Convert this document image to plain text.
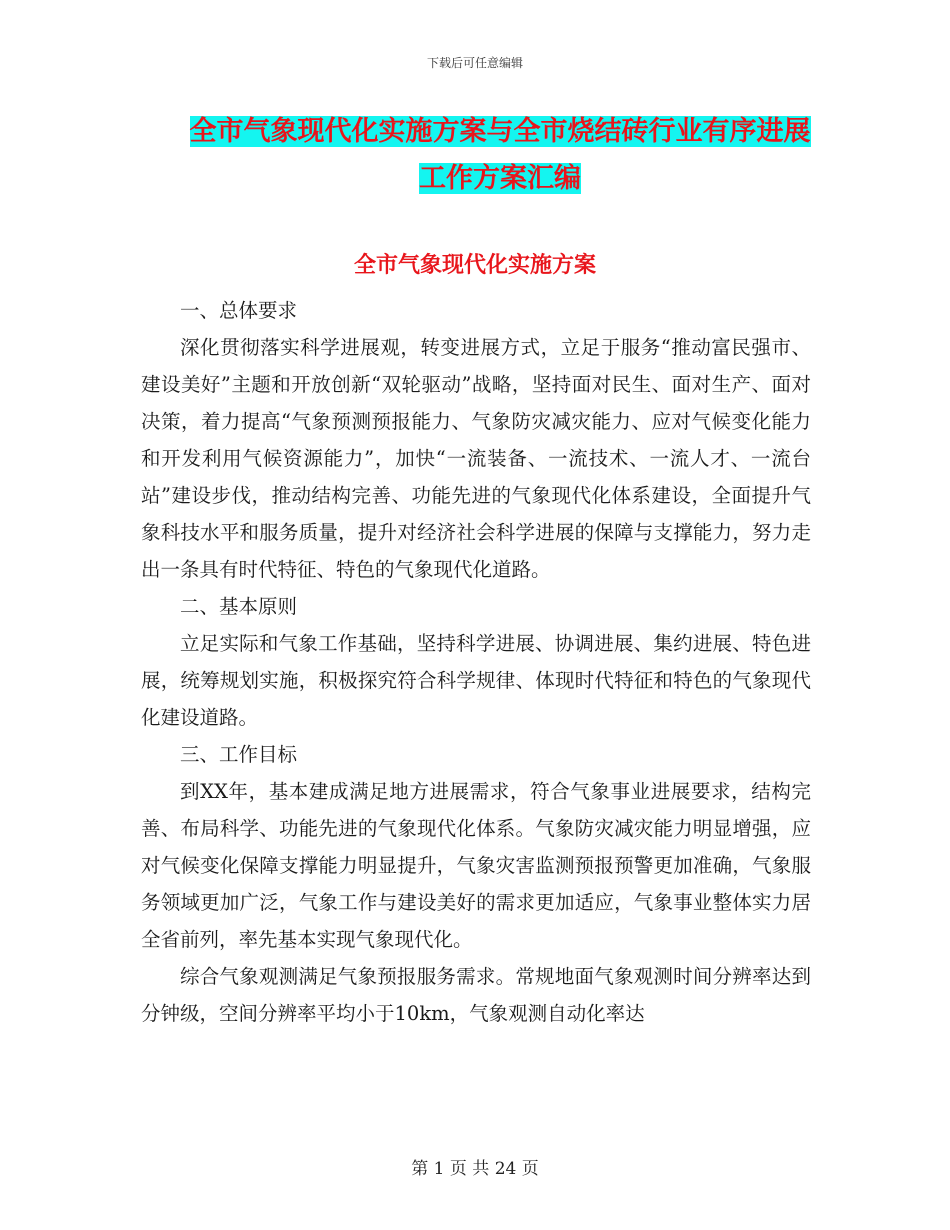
下载后可任意编辑
全市气象现代化实施方案与全市烧结砖行业有序进展
工作方案汇编
全市气象现代化实施方案

一、总体要求

深化贯彻落实科学进展观，转变进展方式，立足于服务“推动富民强市、建设美好”主题和开放创新“双轮驱动”战略，坚持面对民生、面对生产、面对决策，着力提高“气象预测预报能力、气象防灾减灾能力、应对气候变化能力和开发利用气候资源能力”，加快“一流装备、一流技术、一流人才、一流台站”建设步伐，推动结构完善、功能先进的气象现代化体系建设，全面提升气象科技水平和服务质量，提升对经济社会科学进展的保障与支撑能力，努力走出一条具有时代特征、特色的气象现代化道路。

二、基本原则

立足实际和气象工作基础，坚持科学进展、协调进展、集约进展、特色进展，统筹规划实施，积极探究符合科学规律、体现时代特征和特色的气象现代化建设道路。

三、工作目标

到XX年，基本建成满足地方进展需求，符合气象事业进展要求，结构完善、布局科学、功能先进的气象现代化体系。气象防灾减灾能力明显增强，应对气候变化保障支撑能力明显提升，气象灾害监测预报预警更加准确，气象服务领域更加广泛，气象工作与建设美好的需求更加适应，气象事业整体实力居全省前列，率先基本实现气象现代化。

综合气象观测满足气象预报服务需求。常规地面气象观测时间分辨率达到分钟级，空间分辨率平均小于10km，气象观测自动化率达

第 1 页 共 24 页
